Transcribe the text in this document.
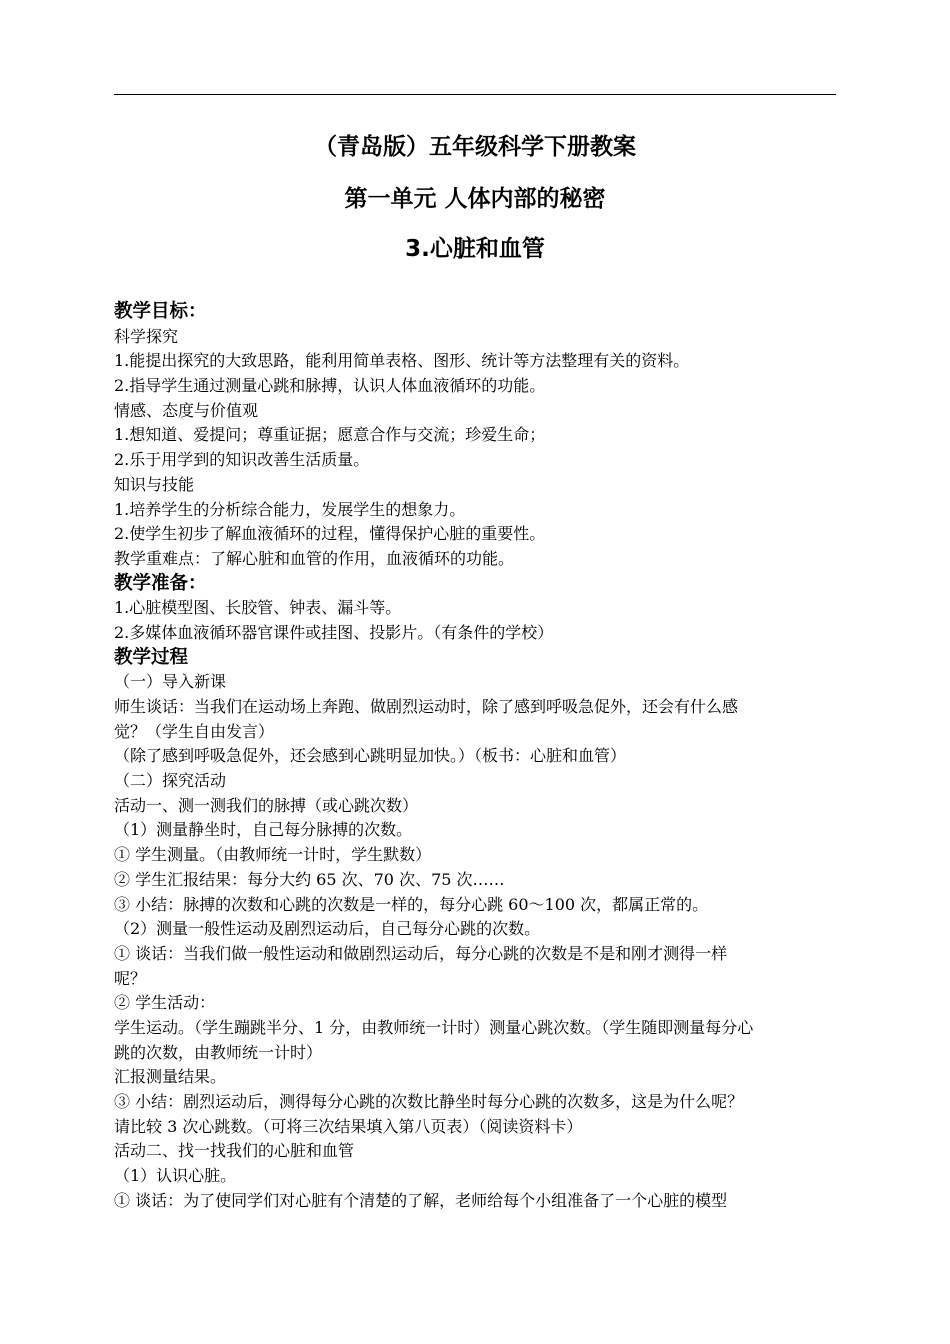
（青岛版）五年级科学下册教案
第一单元 人体内部的秘密
3.心脏和血管
教学目标：
科学探究
1.能提出探究的大致思路，能利用简单表格、图形、统计等方法整理有关的资料。
2.指导学生通过测量心跳和脉搏，认识人体血液循环的功能。
情感、态度与价值观
1.想知道、爱提问；尊重证据；愿意合作与交流；珍爱生命；
2.乐于用学到的知识改善生活质量。
知识与技能
1.培养学生的分析综合能力，发展学生的想象力。
2.使学生初步了解血液循环的过程，懂得保护心脏的重要性。
教学重难点：了解心脏和血管的作用，血液循环的功能。
教学准备：
1.心脏模型图、长胶管、钟表、漏斗等。
2.多媒体血液循环器官课件或挂图、投影片。（有条件的学校）
教学过程
（一）导入新课
师生谈话：当我们在运动场上奔跑、做剧烈运动时，除了感到呼吸急促外，还会有什么感
觉？（学生自由发言）
（除了感到呼吸急促外，还会感到心跳明显加快。）（板书：心脏和血管）
（二）探究活动
活动一、测一测我们的脉搏（或心跳次数）
（1）测量静坐时，自己每分脉搏的次数。
① 学生测量。（由教师统一计时，学生默数）
② 学生汇报结果：每分大约 65 次、70 次、75 次……
③ 小结：脉搏的次数和心跳的次数是一样的，每分心跳 60～100 次，都属正常的。
（2）测量一般性运动及剧烈运动后，自己每分心跳的次数。
① 谈话：当我们做一般性运动和做剧烈运动后，每分心跳的次数是不是和刚才测得一样
呢？
② 学生活动：
学生运动。（学生蹦跳半分、1 分，由教师统一计时）测量心跳次数。（学生随即测量每分心
跳的次数，由教师统一计时）
汇报测量结果。
③ 小结：剧烈运动后，测得每分心跳的次数比静坐时每分心跳的次数多，这是为什么呢？
请比较 3 次心跳数。（可将三次结果填入第八页表）（阅读资料卡）
活动二、找一找我们的心脏和血管
（1）认识心脏。
① 谈话：为了使同学们对心脏有个清楚的了解，老师给每个小组准备了一个心脏的模型
